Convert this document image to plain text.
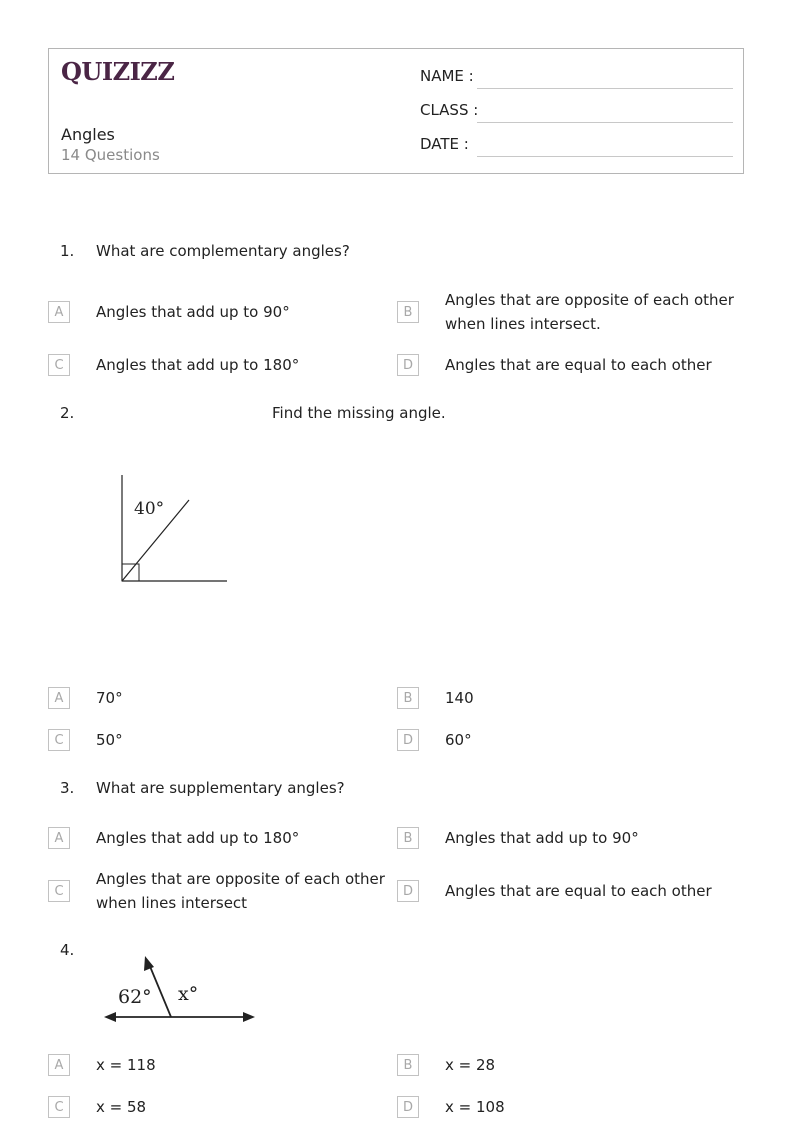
QUIZIZZ
Angles
14 Questions
NAME :
CLASS :
DATE :
1. What are complementary angles?
A	Angles that add up to 90°	B
Angles that are opposite of each other when lines intersect.
C	Angles that add up to 180°	D	Angles that are equal to each other
2.	Find the missing angle.
40°
A	70°	B	140
C	50°	D	60°
3. What are supplementary angles?
A	Angles that add up to 180°	B	Angles that add up to 90°
C
Angles that are opposite of each other when lines intersect
D	Angles that are equal to each other
4.
62° x°
A	x = 118	B	x = 28
C	x = 58	D	x = 108
